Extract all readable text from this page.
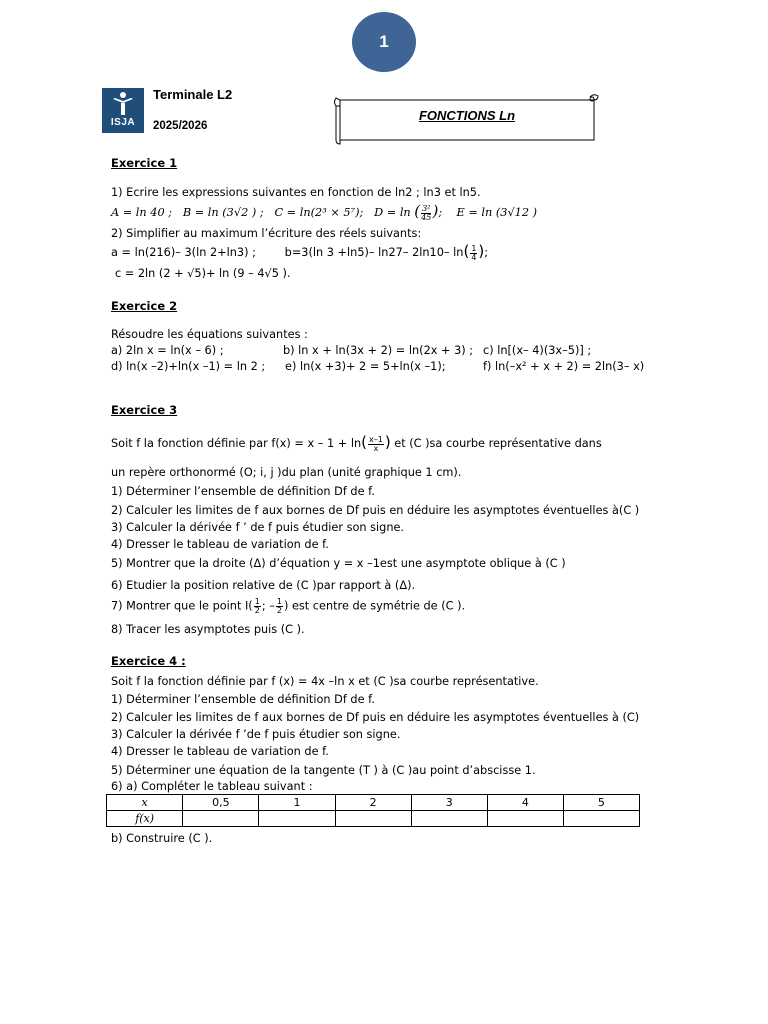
1
ISJA
Terminale L2
2025/2026
FONCTIONS Ln
Exercice 1
1) Ecrire les expressions suivantes en fonction de ln2 ; ln3 et ln5.
A = ln 40 ; B = ln (3√2 ) ; C = ln(2³ × 5⁷); D = ln ( $\frac{\text{3²}}{45}$ );    E = ln (3√12 )
2) Simplifier au maximum l’écriture des réels suivants:
a = ln(216)– 3(ln 2+ln3) ;	b=3(ln 3 +ln5)– ln27– 2ln10– $\ln( \frac{1}{4}$ );
c = 2ln (2 + √5)+ ln (9 – 4√5 ).
Exercice 2
Résoudre les équations suivantes :
a) 2ln x = ln(x – 6) ;	b) ln x + ln(3x + 2) = ln(2x + 3) ; c) ln[(x– 4)(3x–5)] ;
d) ln(x –2)+ln(x –1) = ln 2 ; e) ln(x +3)+ 2 = 5+ln(x –1);	f) ln(–x² + x + 2) = 2ln(3– x)
Exercice 3
Soit f la fonction définie par $f(x) = x - 1 + \ln( \frac{x-1}{x}$ ) et (C )sa courbe représentative dans
un repère orthonormé (O; i, j )du plan (unité graphique 1 cm).
1) Déterminer l’ensemble de définition Df de f.
2) Calculer les limites de f aux bornes de Df puis en déduire les asymptotes éventuelles à(C )
3) Calculer la dérivée f ’ de f puis étudier son signe.
4) Dresser le tableau de variation de f.
5) Montrer que la droite (Δ) d’équation y = x –1est une asymptote oblique à (C )
6) Etudier la position relative de (C )par rapport à (Δ).
7) Montrer que le point $I( \frac{1}{2}$ ; – $\frac{1}{2}$ ) est centre de symétrie de (C ).
8) Tracer les asymptotes puis (C ).
Exercice 4 :
Soit f la fonction définie par f (x) = 4x –ln x et (C )sa courbe représentative.
1) Déterminer l’ensemble de définition Df de f.
2) Calculer les limites de f aux bornes de Df puis en déduire les asymptotes éventuelles à (C)
3) Calculer la dérivée f ’de f puis étudier son signe.
4) Dresser le tableau de variation de f.
5) Déterminer une équation de la tangente (T ) à (C )au point d’abscisse 1.
6) a) Compléter le tableau suivant :
x	0,5	1	2	3	4	5
f(x)						
b) Construire (C ).
